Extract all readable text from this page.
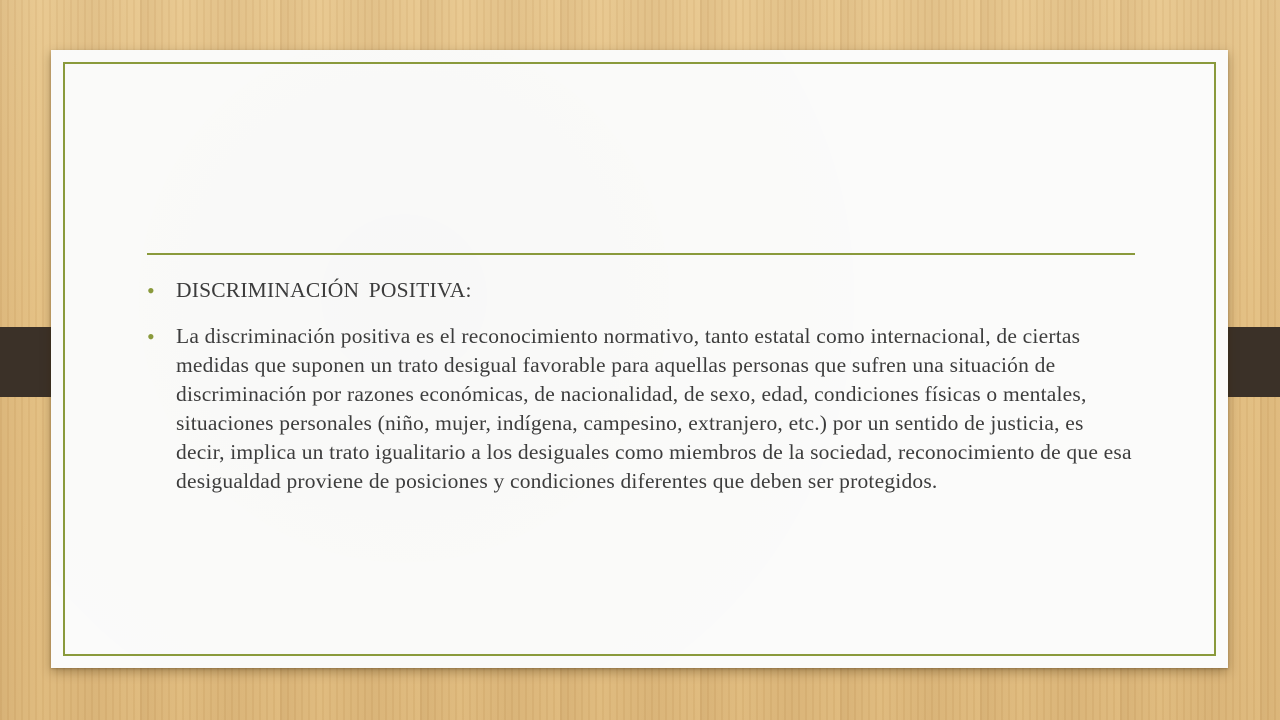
• DISCRIMINACIÓN POSITIVA:
• La discriminación positiva es el reconocimiento normativo, tanto estatal como internacional, de ciertas medidas que suponen un trato desigual favorable para aquellas personas que sufren una situación de discriminación por razones económicas, de nacionalidad, de sexo, edad, condiciones físicas o mentales, situaciones personales (niño, mujer, indígena, campesino, extranjero, etc.) por un sentido de justicia, es decir, implica un trato igualitario a los desiguales como miembros de la sociedad, reconocimiento de que esa desigualdad proviene de posiciones y condiciones diferentes que deben ser protegidos.
